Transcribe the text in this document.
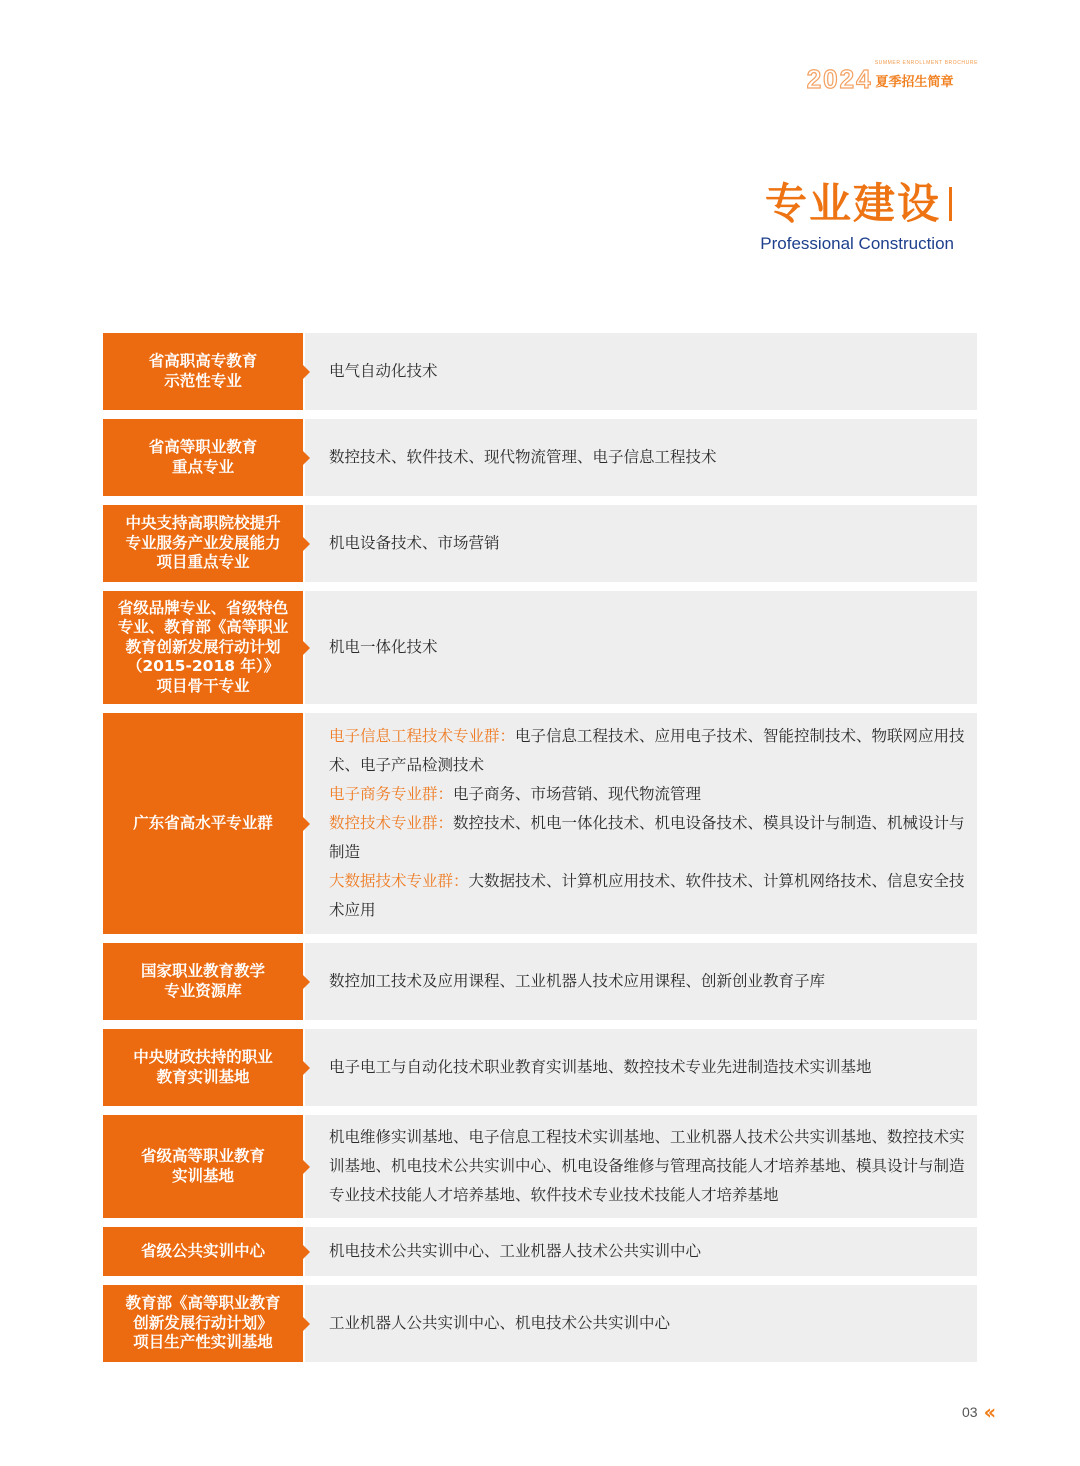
SUMMER ENROLLMENT BROCHURE
2024 夏季招生简章
专业建设
Professional Construction
省高职高专教育
示范性专业
电气自动化技术
省高等职业教育
重点专业
数控技术、软件技术、现代物流管理、电子信息工程技术
中央支持高职院校提升
专业服务产业发展能力
项目重点专业
机电设备技术、市场营销
省级品牌专业、省级特色
专业、教育部《高等职业
教育创新发展行动计划
（2015-2018 年）》
项目骨干专业
机电一体化技术
广东省高水平专业群
电子信息工程技术专业群：电子信息工程技术、应用电子技术、智能控制技术、物联网应用技术、电子产品检测技术
电子商务专业群：电子商务、市场营销、现代物流管理
数控技术专业群：数控技术、机电一体化技术、机电设备技术、模具设计与制造、机械设计与制造
大数据技术专业群：大数据技术、计算机应用技术、软件技术、计算机网络技术、信息安全技术应用
国家职业教育教学
专业资源库
数控加工技术及应用课程、工业机器人技术应用课程、创新创业教育子库
中央财政扶持的职业
教育实训基地
电子电工与自动化技术职业教育实训基地、数控技术专业先进制造技术实训基地
省级高等职业教育
实训基地
机电维修实训基地、电子信息工程技术实训基地、工业机器人技术公共实训基地、数控技术实训基地、机电技术公共实训中心、机电设备维修与管理高技能人才培养基地、模具设计与制造专业技术技能人才培养基地、软件技术专业技术技能人才培养基地
省级公共实训中心	机电技术公共实训中心、工业机器人技术公共实训中心
教育部《高等职业教育
创新发展行动计划》
项目生产性实训基地
工业机器人公共实训中心、机电技术公共实训中心
03 ‹‹
